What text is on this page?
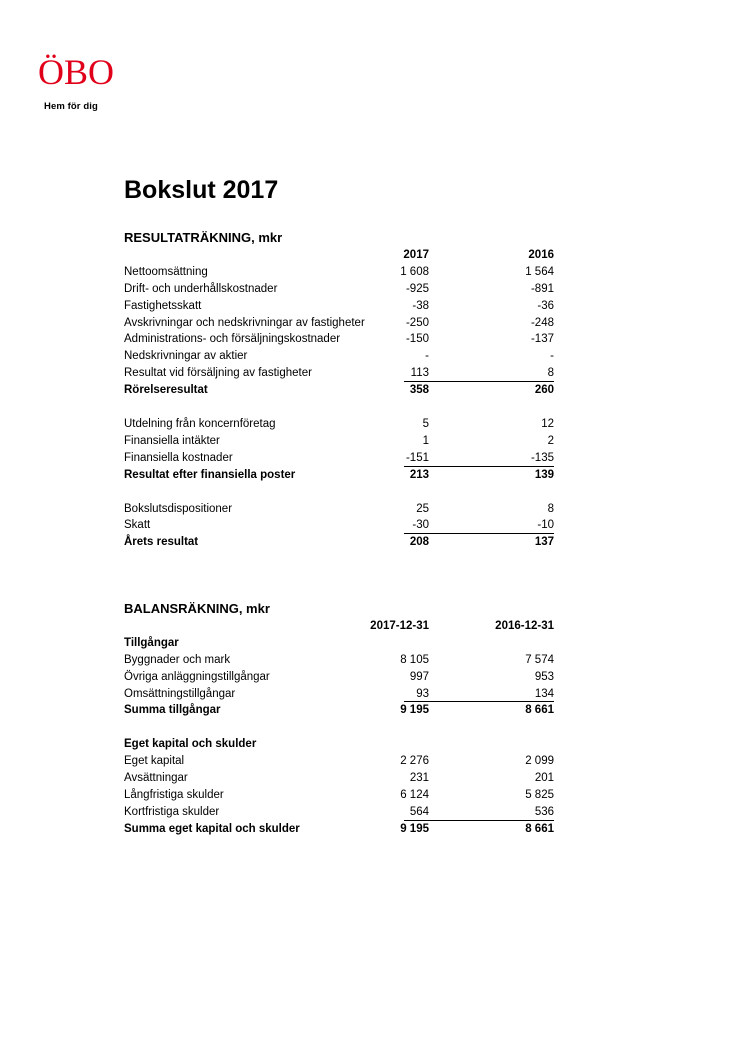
ÖBO
Hem för dig
Bokslut 2017
RESULTATRÄKNING, mkr
2017	2016
Nettoomsättning	1 608	1 564
Drift- och underhållskostnader	-925	-891
Fastighetsskatt	-38	-36
Avskrivningar och nedskrivningar av fastigheter	-250	-248
Administrations- och försäljningskostnader	-150	-137
Nedskrivningar av aktier	-	-
Resultat vid försäljning av fastigheter	113	8
Rörelseresultat	358	260
Utdelning från koncernföretag	5	12
Finansiella intäkter	1	2
Finansiella kostnader	-151	-135
Resultat efter finansiella poster	213	139
Bokslutsdispositioner	25	8
Skatt	-30	-10
Årets resultat	208	137
BALANSRÄKNING, mkr
2017-12-31	2016-12-31
Tillgångar
Byggnader och mark	8 105	7 574
Övriga anläggningstillgångar	997	953
Omsättningstillgångar	93	134
Summa tillgångar	9 195	8 661
Eget kapital och skulder
Eget kapital	2 276	2 099
Avsättningar	231	201
Långfristiga skulder	6 124	5 825
Kortfristiga skulder	564	536
Summa eget kapital och skulder	9 195	8 661
